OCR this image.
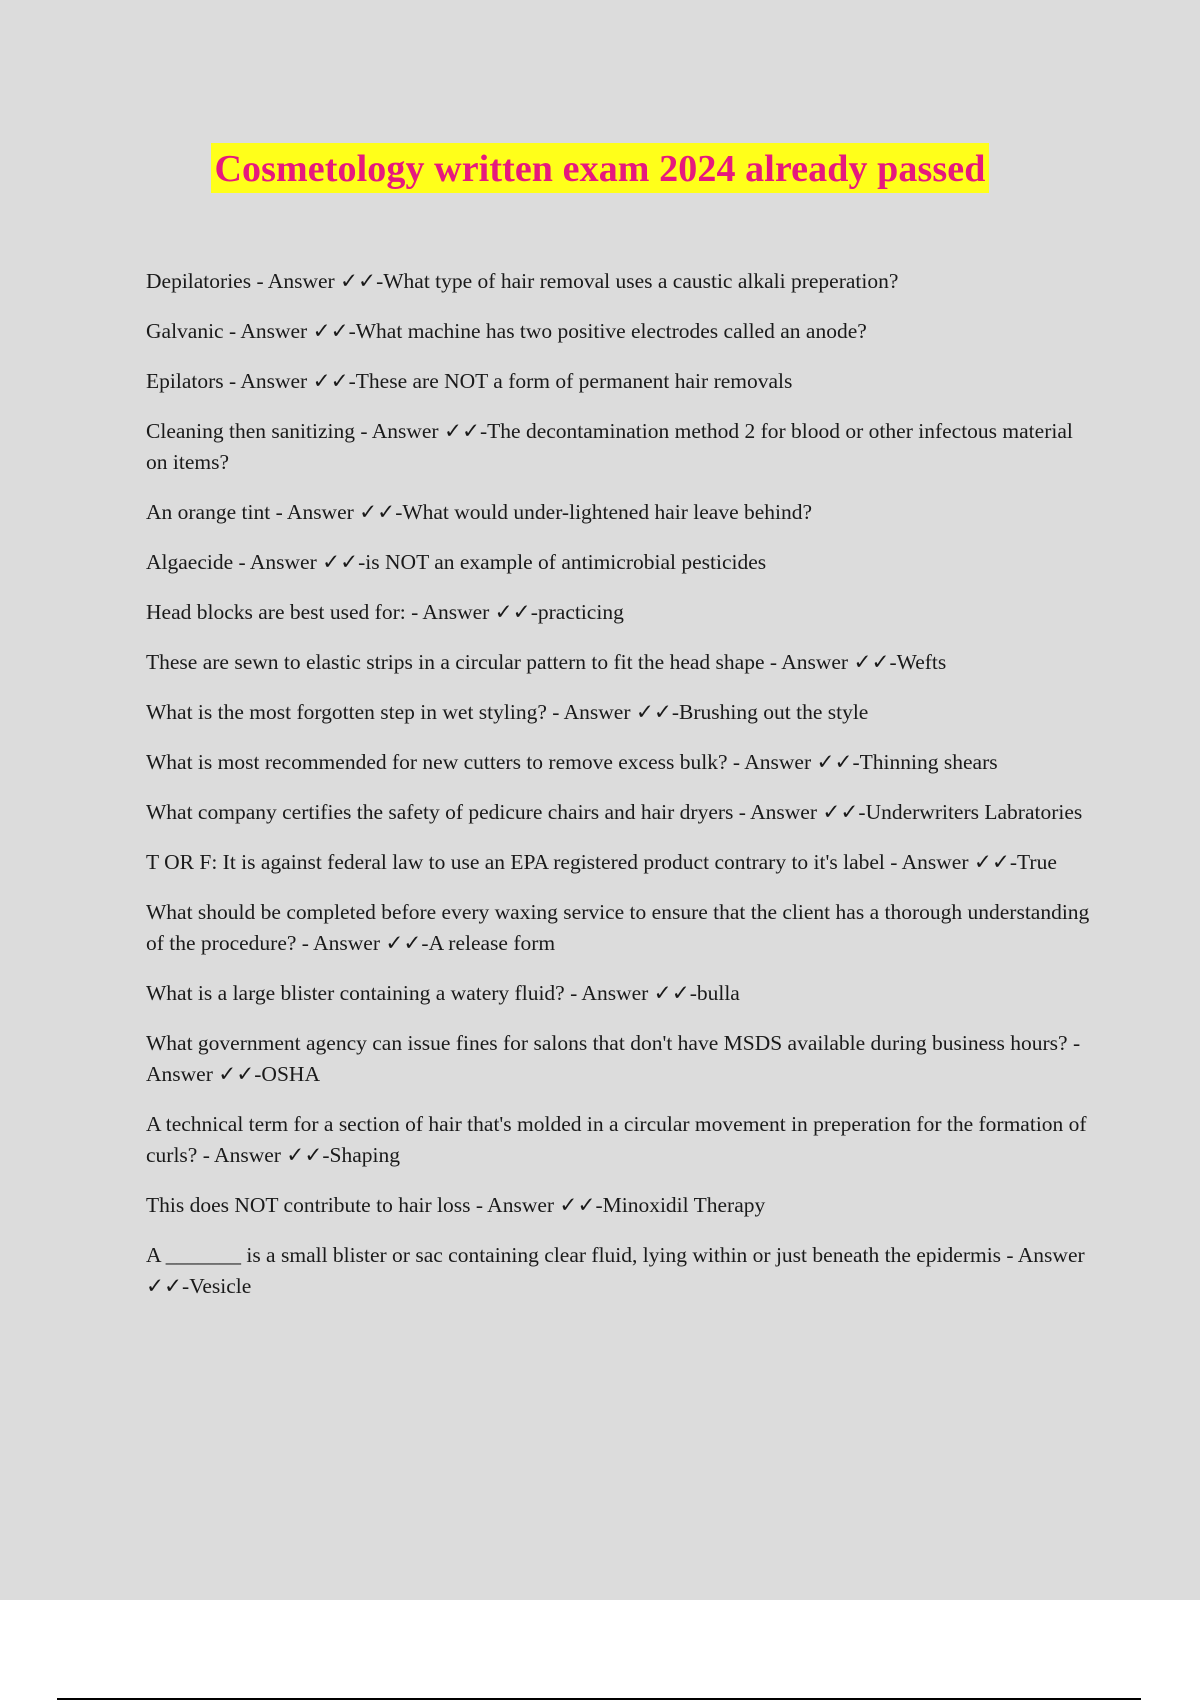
Cosmetology written exam 2024 already passed
Depilatories - Answer ✓✓-What type of hair removal uses a caustic alkali preperation?
Galvanic - Answer ✓✓-What machine has two positive electrodes called an anode?
Epilators - Answer ✓✓-These are NOT a form of permanent hair removals
Cleaning then sanitizing - Answer ✓✓-The decontamination method 2 for blood or other infectous material on items?
An orange tint - Answer ✓✓-What would under-lightened hair leave behind?
Algaecide - Answer ✓✓-is NOT an example of antimicrobial pesticides
Head blocks are best used for: - Answer ✓✓-practicing
These are sewn to elastic strips in a circular pattern to fit the head shape - Answer ✓✓-Wefts
What is the most forgotten step in wet styling? - Answer ✓✓-Brushing out the style
What is most recommended for new cutters to remove excess bulk? - Answer ✓✓-Thinning shears
What company certifies the safety of pedicure chairs and hair dryers - Answer ✓✓-Underwriters Labratories
T OR F: It is against federal law to use an EPA registered product contrary to it's label - Answer ✓✓-True
What should be completed before every waxing service to ensure that the client has a thorough understanding of the procedure? - Answer ✓✓-A release form
What is a large blister containing a watery fluid? - Answer ✓✓-bulla
What government agency can issue fines for salons that don't have MSDS available during business hours? - Answer ✓✓-OSHA
A technical term for a section of hair that's molded in a circular movement in preperation for the formation of curls? - Answer ✓✓-Shaping
This does NOT contribute to hair loss - Answer ✓✓-Minoxidil Therapy
A _______ is a small blister or sac containing clear fluid, lying within or just beneath the epidermis - Answer ✓✓-Vesicle
